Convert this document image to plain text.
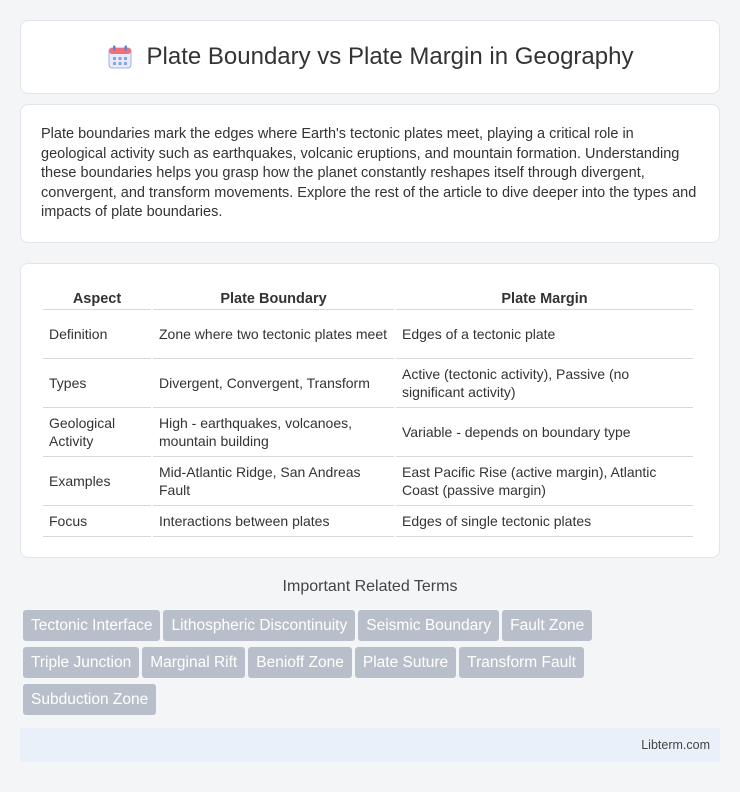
Plate Boundary vs Plate Margin in Geography

Plate boundaries mark the edges where Earth's tectonic plates meet, playing a critical role in geological activity such as earthquakes, volcanic eruptions, and mountain formation. Understanding these boundaries helps you grasp how the planet constantly reshapes itself through divergent, convergent, and transform movements. Explore the rest of the article to dive deeper into the types and impacts of plate boundaries.

Aspect	Plate Boundary	Plate Margin
Definition	Zone where two tectonic plates meet	Edges of a tectonic plate
Types	Divergent, Convergent, Transform	Active (tectonic activity), Passive (no significant activity)
Geological Activity	High - earthquakes, volcanoes, mountain building	Variable - depends on boundary type
Examples	Mid-Atlantic Ridge, San Andreas Fault	East Pacific Rise (active margin), Atlantic Coast (passive margin)
Focus	Interactions between plates	Edges of single tectonic plates
Important Related Terms
Tectonic Interface Lithospheric Discontinuity Seismic Boundary Fault Zone
Triple Junction Marginal Rift Benioff Zone Plate Suture Transform Fault
Subduction Zone
Libterm.com
